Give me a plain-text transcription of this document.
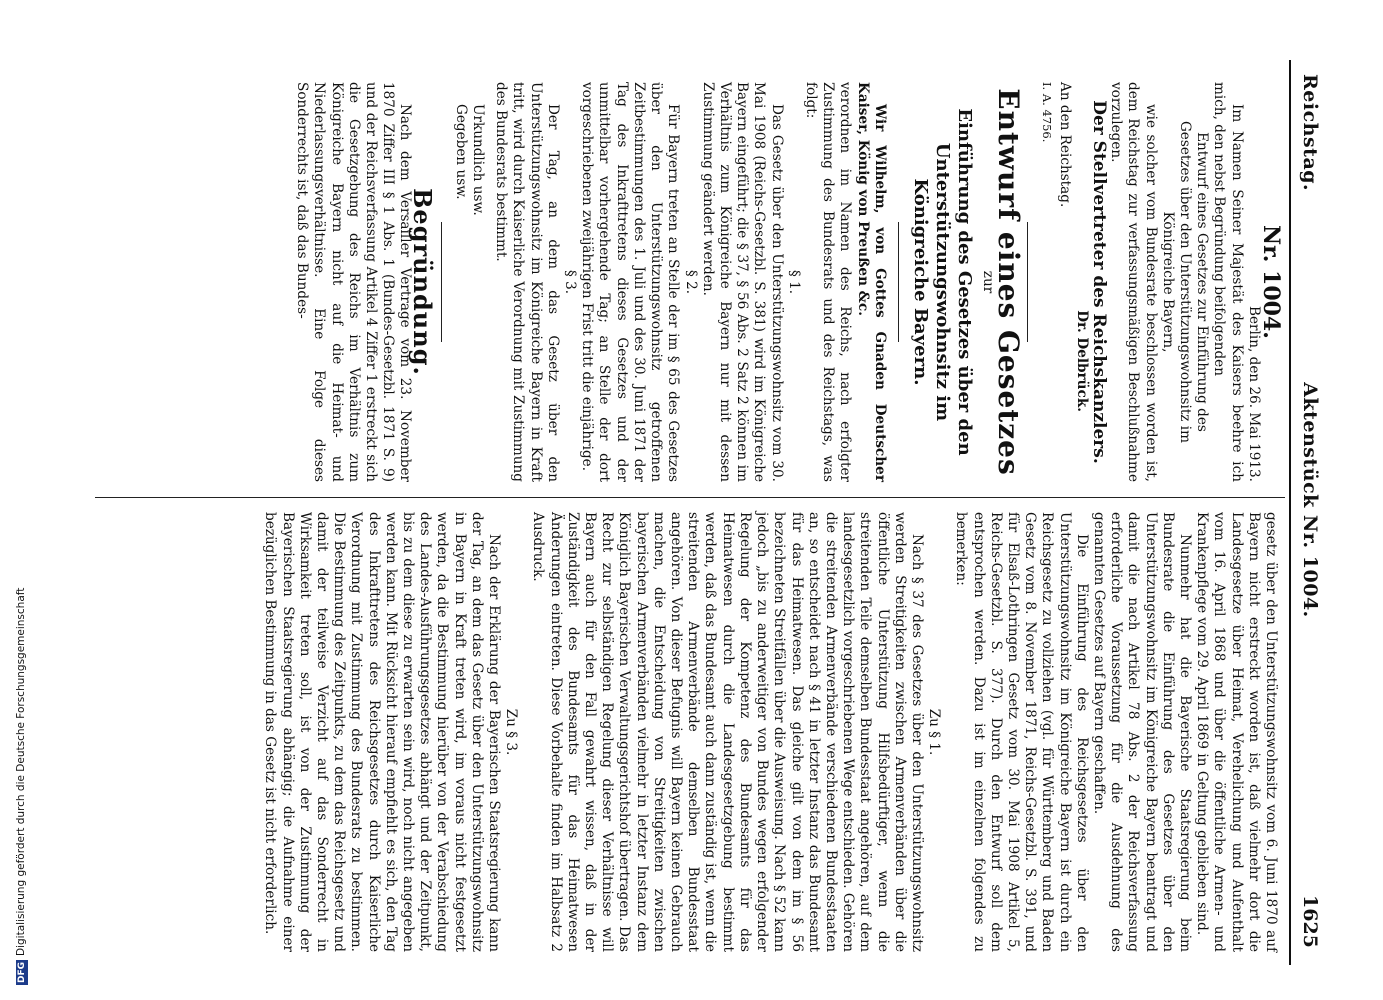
Reichstag.
Aktenstück Nr. 1004.
1625

Nr. 1004.

Berlin, den 26. Mai 1913.

Im Namen Seiner Majestät des Kaisers beehre ich mich, den nebst Begründung beifolgenden

Entwurf eines Gesetzes zur Einführung des Gesetzes über den Unterstützungswohnsitz im Königreiche Bayern,

wie solcher vom Bundesrate beschlossen worden ist, dem Reichstag zur verfassungsmäßigen Beschlußnahme vorzulegen.

Der Stellvertreter des Reichskanzlers.

Dr. Delbrück.

An den Reichstag.

I. A. 4756.

Entwurf eines Gesetzes

zur

Einführung des Gesetzes über den Unterstützungswohnsitz im Königreiche Bayern.

Wir Wilhelm, von Gottes Gnaden Deutscher Kaiser, König von Preußen &c.

verordnen im Namen des Reichs, nach erfolgter Zustimmung des Bundesrats und des Reichstags, was folgt:

§ 1.

Das Gesetz über den Unterstützungswohnsitz vom 30. Mai 1908 (Reichs-Gesetzbl. S. 381) wird im Königreiche Bayern eingeführt; die § 37, § 56 Abs. 2 Satz 2 können im Verhältnis zum Königreiche Bayern nur mit dessen Zustimmung geändert werden.

§ 2.

Für Bayern treten an Stelle der im § 65 des Gesetzes über den Unterstützungswohnsitz getroffenen Zeitbestimmungen des 1. Juli und des 30. Juni 1871 der Tag des Inkrafttretens dieses Gesetzes und der unmittelbar vorhergehende Tag; an Stelle der dort vorgeschriebenen zweijährigen Frist tritt die einjährige.

§ 3.

Der Tag, an dem das Gesetz über den Unterstützungswohnsitz im Königreiche Bayern in Kraft tritt, wird durch Kaiserliche Verordnung mit Zustimmung des Bundesrats bestimmt.

Urkundlich usw.

Gegeben usw.

Begründung.

Nach dem Versailler Vertrage vom 23. November 1870 Ziffer III § 1 Abs. 1 (Bundes-Gesetzbl. 1871 S. 9) und der Reichsverfassung Artikel 4 Ziffer 1 erstreckt sich die Gesetzgebung des Reichs im Verhältnis zum Königreiche Bayern nicht auf die Heimat- und Niederlassungsverhältnisse. Eine Folge dieses Sonderrechts ist, daß das Bundes-

gesetz über den Unterstützungswohnsitz vom 6. Juni 1870 auf Bayern nicht erstreckt worden ist, daß vielmehr dort die Landesgesetze über Heimat, Verehelichung und Aufenthalt vom 16. April 1868 und über die öffentliche Armen- und Krankenpflege vom 29. April 1869 in Geltung geblieben sind.

Nunmehr hat die Bayerische Staatsregierung beim Bundesrate die Einführung des Gesetzes über den Unterstützungswohnsitz im Königreiche Bayern beantragt und damit die nach Artikel 78 Abs. 2 der Reichsverfassung erforderliche Voraussetzung für die Ausdehnung des genannten Gesetzes auf Bayern geschaffen.

Die Einführung des Reichsgesetzes über den Unterstützungswohnsitz im Königreiche Bayern ist durch ein Reichsgesetz zu vollziehen (vgl. für Württemberg und Baden Gesetz vom 8. November 1871, Reichs-Gesetzbl. S. 391, und für Elsaß-Lothringen Gesetz vom 30. Mai 1908 Artikel 5, Reichs-Gesetzbl. S. 377). Durch den Entwurf soll dem entsprochen werden. Dazu ist im einzelnen folgendes zu bemerken:

Zu § 1.

Nach § 37 des Gesetzes über den Unterstützungswohnsitz werden Streitigkeiten zwischen Armenverbänden über die öffentliche Unterstützung Hilfsbedürftiger, wenn die streitenden Teile demselben Bundesstaat angehören, auf dem landesgesetzlich vorgeschriebenen Wege entschieden. Gehören die streitenden Armenverbände verschiedenen Bundesstaaten an, so entscheidet nach § 41 in letzter Instanz das Bundesamt für das Heimatwesen. Das gleiche gilt von dem im § 56 bezeichneten Streitfällen über die Ausweisung. Nach § 52 kann jedoch „bis zu anderweitiger von Bundes wegen erfolgender Regelung der Kompetenz des Bundesamts für das Heimatwesen durch die Landesgesetzgebung bestimmt werden, daß das Bundesamt auch dann zuständig ist, wenn die streitenden Armenverbände demselben Bundesstaat angehören. Von dieser Befugnis will Bayern keinen Gebrauch machen, die Entscheidung von Streitigkeiten zwischen bayerischen Armenverbänden vielmehr in letzter Instanz dem Königlich Bayerischen Verwaltungsgerichtshof übertragen. Das Recht zur selbständigen Regelung dieser Verhältnisse will Bayern auch für den Fall gewahrt wissen, daß in der Zuständigkeit des Bundesamts für das Heimatwesen Änderungen eintreten. Diese Vorbehalte finden im Halbsatz 2 Ausdruck.

Zu § 3.

Nach der Erklärung der Bayerischen Staatsregierung kann der Tag, an dem das Gesetz über den Unterstützungswohnsitz in Bayern in Kraft treten wird, im voraus nicht festgesetzt werden, da die Bestimmung hierüber von der Verabschiedung des Landes-Ausführungsgesetzes abhängt und der Zeitpunkt, bis zu dem diese zu erwarten sein wird, noch nicht angegeben werden kann. Mit Rücksicht hierauf empfiehlt es sich, den Tag des Inkrafttretens des Reichsgesetzes durch Kaiserliche Verordnung mit Zustimmung des Bundesrats zu bestimmen. Die Bestimmung des Zeitpunkts, zu dem das Reichsgesetz und damit der teilweise Verzicht auf das Sonderrecht in Wirksamkeit treten soll, ist von der Zustimmung der Bayerischen Staatsregierung abhängig; die Aufnahme einer bezüglichen Bestimmung in das Gesetz ist nicht erforderlich.

DFGDigitalisierung gefördert durch die Deutsche Forschungsgemeinschaft
